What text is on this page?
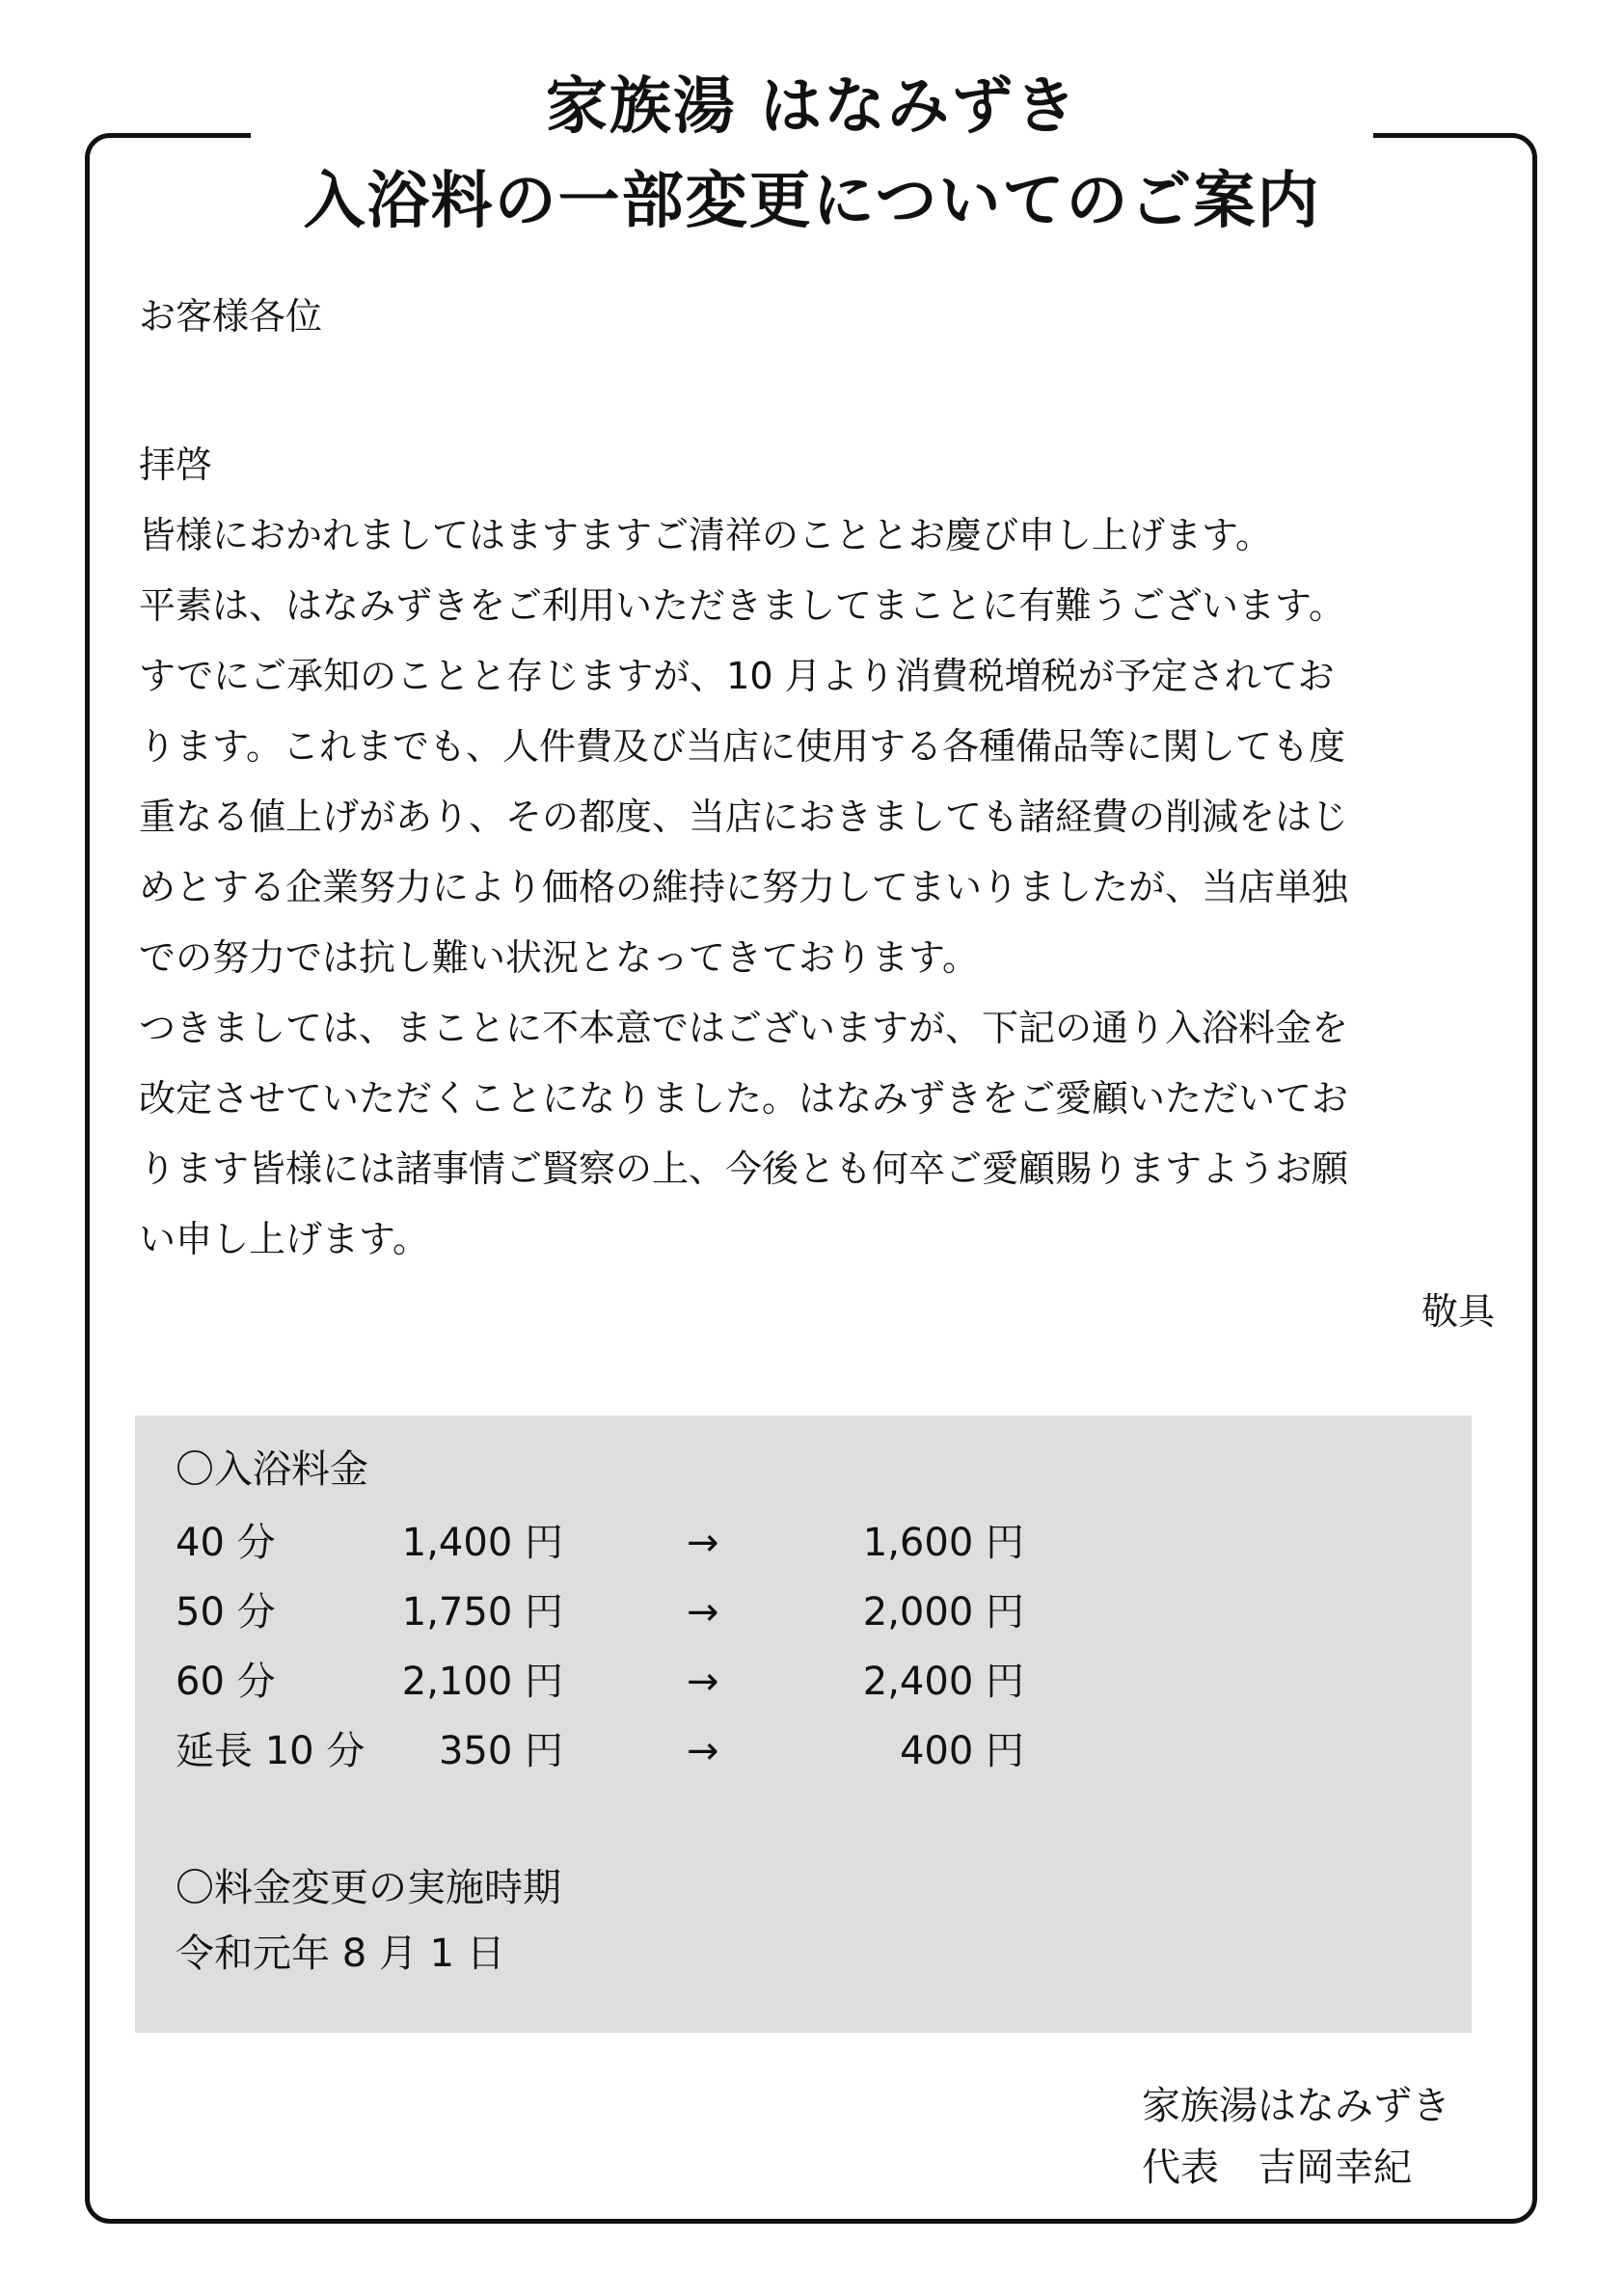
家族湯 はなみずき
入浴料の一部変更についてのご案内
お客様各位

拝啓

皆様におかれましてはますますご清祥のこととお慶び申し上げます。

平素は、はなみずきをご利用いただきましてまことに有難うございます。

すでにご承知のことと存じますが、10 月より消費税増税が予定されてお

ります。これまでも、人件費及び当店に使用する各種備品等に関しても度

重なる値上げがあり、その都度、当店におきましても諸経費の削減をはじ

めとする企業努力により価格の維持に努力してまいりましたが、当店単独

での努力では抗し難い状況となってきております。

つきましては、まことに不本意ではございますが、下記の通り入浴料金を

改定させていただくことになりました。はなみずきをご愛顧いただいてお

ります皆様には諸事情ご賢察の上、今後とも何卒ご愛顧賜りますようお願

い申し上げます。

敬具
〇入浴料金
40 分	1,400 円	→	1,600 円
50 分	1,750 円	→	2,000 円
60 分	2,100 円	→	2,400 円
延長 10 分	350 円	→	400 円
〇料金変更の実施時期
令和元年 8 月 1 日
家族湯はなみずき
代表　吉岡幸紀
